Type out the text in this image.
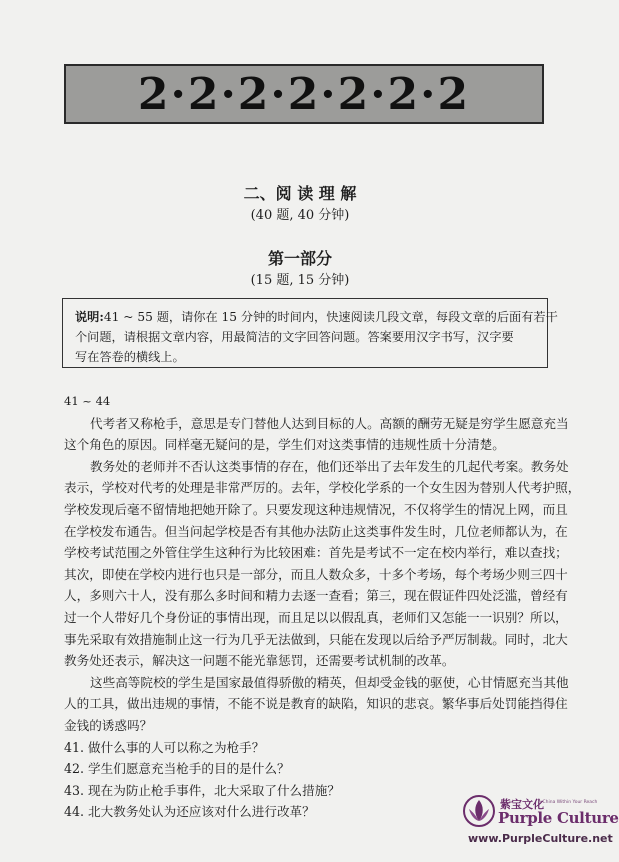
2·2·2·2·2·2·2
二、阅 读 理 解
(40 题, 40 分钟)
第一部分
(15 题, 15 分钟)

说明:41 ~ 55 题，请你在 15 分钟的时间内，快速阅读几段文章，每段文章的后面有若干

个问题，请根据文章内容，用最简洁的文字回答问题。答案要用汉字书写，汉字要

写在答卷的横线上。

41 ~ 44

代考者又称枪手，意思是专门替他人达到目标的人。高额的酬劳无疑是穷学生愿意充当

这个角色的原因。同样毫无疑问的是，学生们对这类事情的违规性质十分清楚。

教务处的老师并不否认这类事情的存在，他们还举出了去年发生的几起代考案。教务处

表示，学校对代考的处理是非常严厉的。去年，学校化学系的一个女生因为替别人代考护照，

学校发现后毫不留情地把她开除了。只要发现这种违规情况，不仅将学生的情况上网，而且

在学校发布通告。但当问起学校是否有其他办法防止这类事件发生时，几位老师都认为，在

学校考试范围之外管住学生这种行为比较困难：首先是考试不一定在校内举行，难以查找；

其次，即使在学校内进行也只是一部分，而且人数众多，十多个考场，每个考场少则三四十

人，多则六十人，没有那么多时间和精力去逐一查看；第三，现在假证件四处泛滥，曾经有

过一个人带好几个身份证的事情出现，而且足以以假乱真，老师们又怎能一一识别？所以，

事先采取有效措施制止这一行为几乎无法做到，只能在发现以后给予严厉制裁。同时，北大

教务处还表示，解决这一问题不能光靠惩罚，还需要考试机制的改革。

这些高等院校的学生是国家最值得骄傲的精英，但却受金钱的驱使，心甘情愿充当其他

人的工具，做出违规的事情，不能不说是教育的缺陷，知识的悲哀。繁华事后处罚能挡得住

金钱的诱惑吗？

41. 做什么事的人可以称之为枪手？

42. 学生们愿意充当枪手的目的是什么？

43. 现在为防止枪手事件，北大采取了什么措施？

44. 北大教务处认为还应该对什么进行改革？	紫宝文化
A China Within Your Reach
Purple Culture
www.PurpleCulture.net
